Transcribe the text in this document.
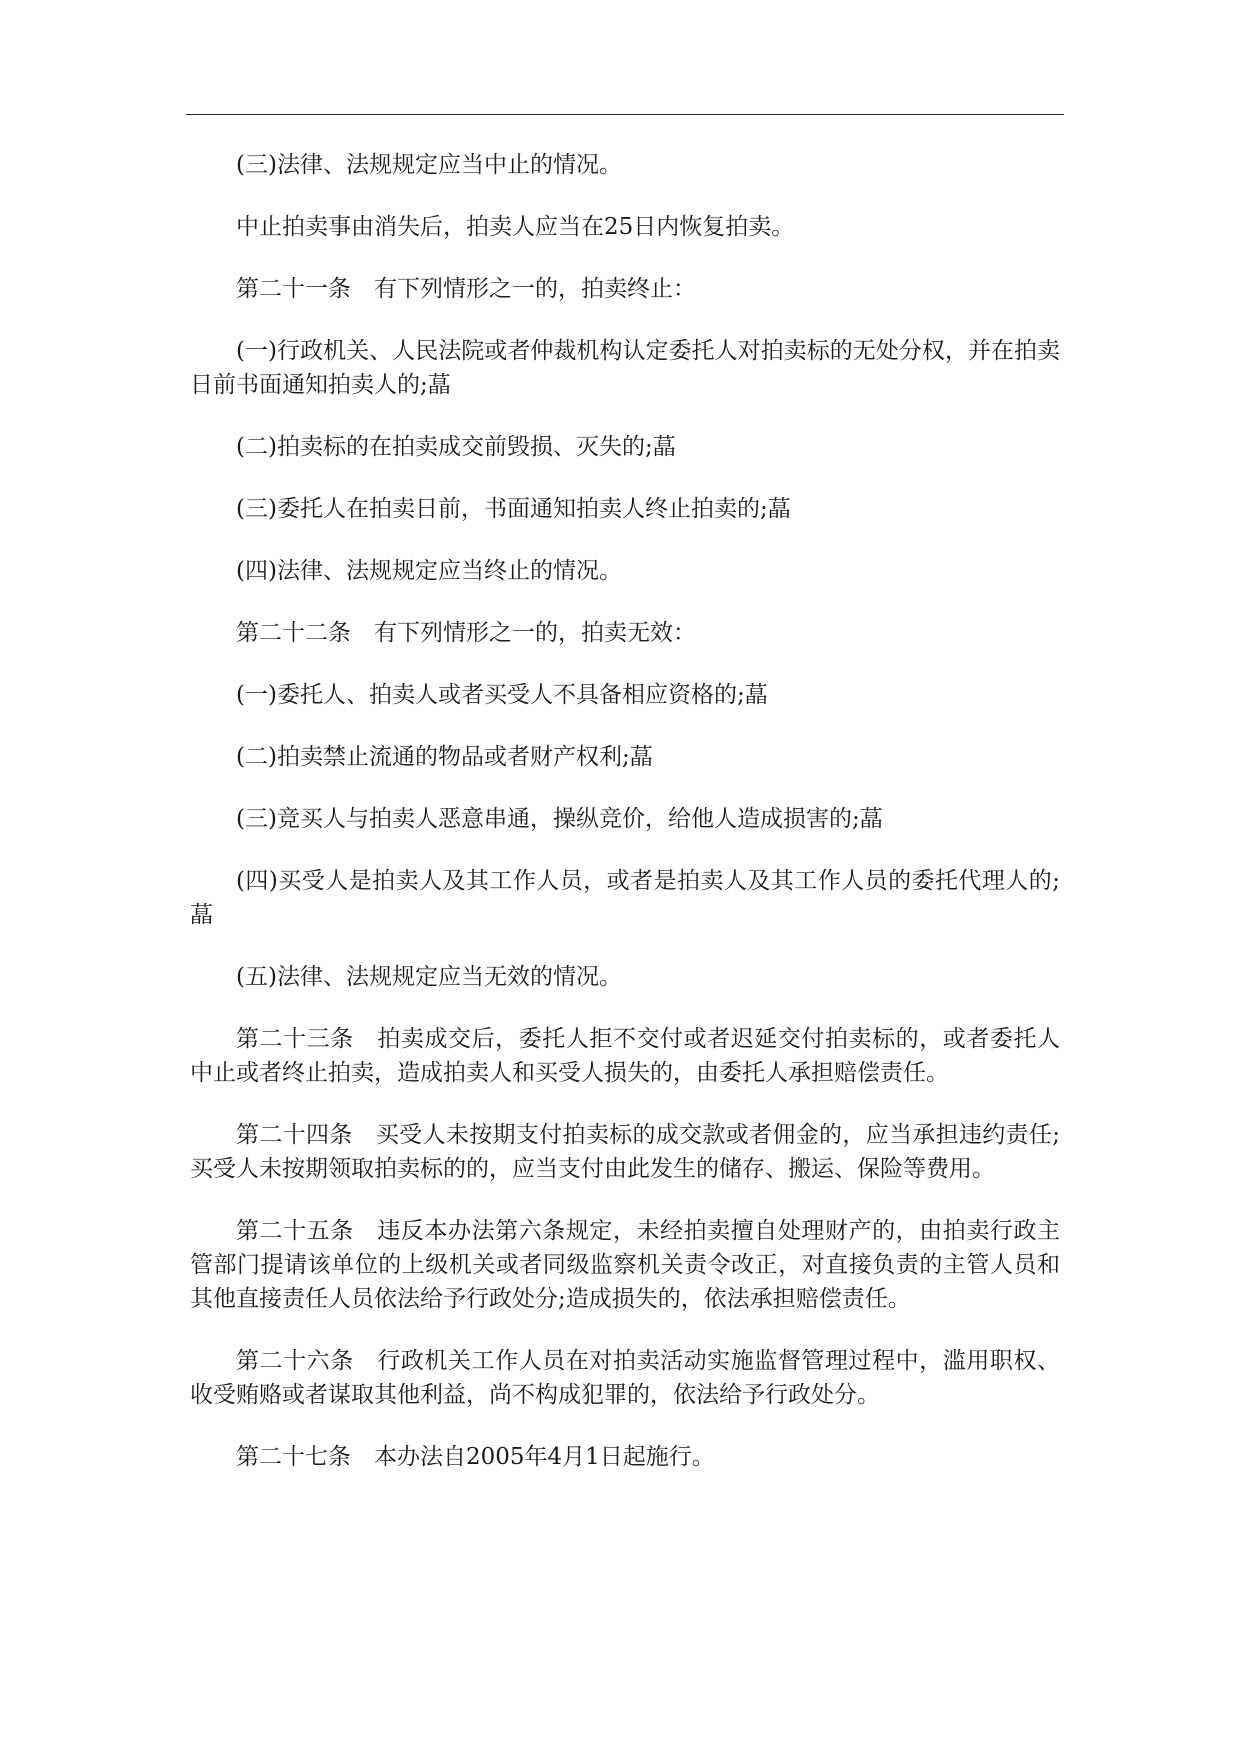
(三)法律、法规规定应当中止的情况。

中止拍卖事由消失后，拍卖人应当在25日内恢复拍卖。

第二十一条　有下列情形之一的，拍卖终止：

(一)行政机关、人民法院或者仲裁机构认定委托人对拍卖标的无处分权，并在拍卖日前书面通知拍卖人的;蕌

(二)拍卖标的在拍卖成交前毁损、灭失的;蕌

(三)委托人在拍卖日前，书面通知拍卖人终止拍卖的;蕌

(四)法律、法规规定应当终止的情况。

第二十二条　有下列情形之一的，拍卖无效：

(一)委托人、拍卖人或者买受人不具备相应资格的;蕌

(二)拍卖禁止流通的物品或者财产权利;蕌

(三)竞买人与拍卖人恶意串通，操纵竞价，给他人造成损害的;蕌

(四)买受人是拍卖人及其工作人员，或者是拍卖人及其工作人员的委托代理人的;蕌

(五)法律、法规规定应当无效的情况。

第二十三条　拍卖成交后，委托人拒不交付或者迟延交付拍卖标的，或者委托人中止或者终止拍卖，造成拍卖人和买受人损失的，由委托人承担赔偿责任。

第二十四条　买受人未按期支付拍卖标的成交款或者佣金的，应当承担违约责任;买受人未按期领取拍卖标的的，应当支付由此发生的储存、搬运、保险等费用。

第二十五条　违反本办法第六条规定，未经拍卖擅自处理财产的，由拍卖行政主管部门提请该单位的上级机关或者同级监察机关责令改正，对直接负责的主管人员和其他直接责任人员依法给予行政处分;造成损失的，依法承担赔偿责任。

第二十六条　行政机关工作人员在对拍卖活动实施监督管理过程中，滥用职权、收受贿赂或者谋取其他利益，尚不构成犯罪的，依法给予行政处分。

第二十七条　本办法自2005年4月1日起施行。
